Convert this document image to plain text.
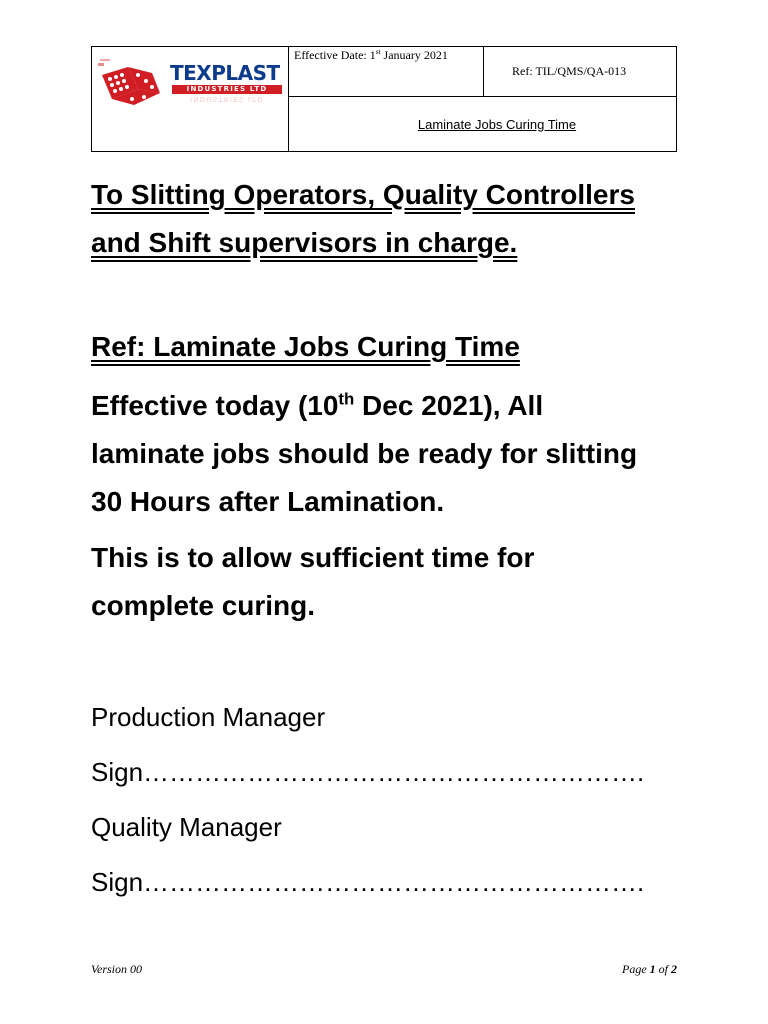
TEXPLAST
INDUSTRIES LTD
INDUSTRIES LTD
Effective Date: 1st January 2021
Ref: TIL/QMS/QA-013
Laminate Jobs Curing Time
To Slitting Operators, Quality Controllers and Shift supervisors in charge.
Ref: Laminate Jobs Curing Time
Effective today (10th Dec 2021), All laminate jobs should be ready for slitting 30 Hours after Lamination.
This is to allow sufficient time for complete curing.
Production Manager
Sign………………………………………………….
Quality Manager
Sign………………………………………………….
Version 00	Page 1 of 2
